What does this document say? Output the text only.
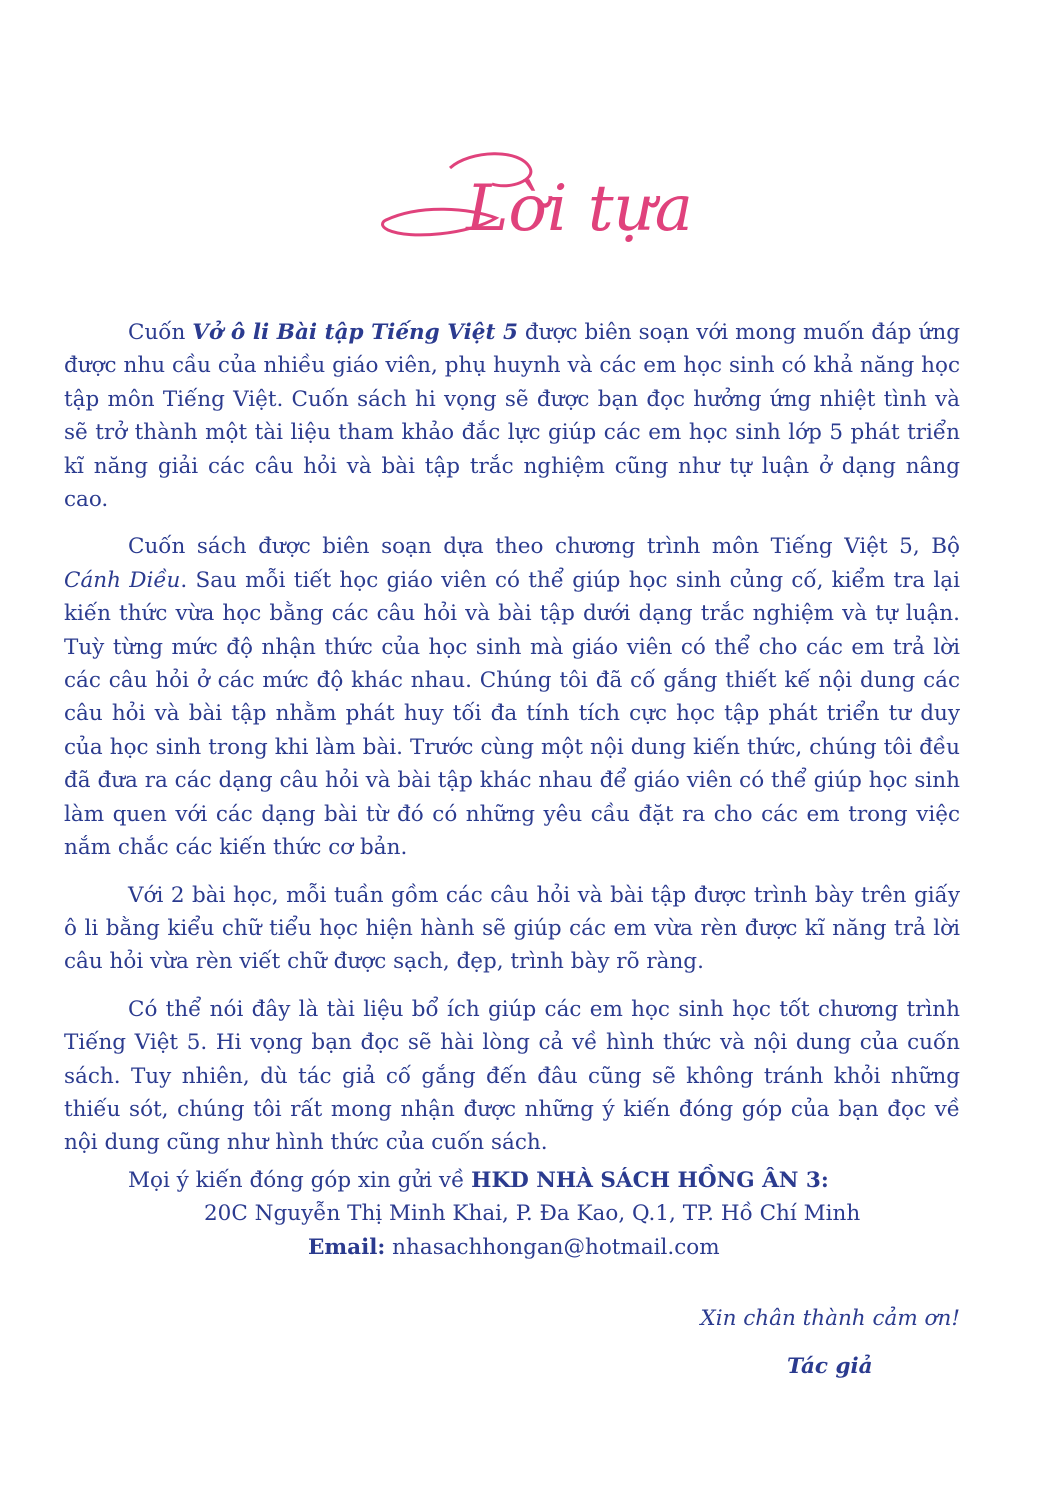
Lời tựa

Cuốn Vở ô li Bài tập Tiếng Việt 5 được biên soạn với mong muốn đáp ứng được nhu cầu của nhiều giáo viên, phụ huynh và các em học sinh có khả năng học tập môn Tiếng Việt. Cuốn sách hi vọng sẽ được bạn đọc hưởng ứng nhiệt tình và sẽ trở thành một tài liệu tham khảo đắc lực giúp các em học sinh lớp 5 phát triển kĩ năng giải các câu hỏi và bài tập trắc nghiệm cũng như tự luận ở dạng nâng cao.

Cuốn sách được biên soạn dựa theo chương trình môn Tiếng Việt 5, Bộ Cánh Diều. Sau mỗi tiết học giáo viên có thể giúp học sinh củng cố, kiểm tra lại kiến thức vừa học bằng các câu hỏi và bài tập dưới dạng trắc nghiệm và tự luận. Tuỳ từng mức độ nhận thức của học sinh mà giáo viên có thể cho các em trả lời các câu hỏi ở các mức độ khác nhau. Chúng tôi đã cố gắng thiết kế nội dung các câu hỏi và bài tập nhằm phát huy tối đa tính tích cực học tập phát triển tư duy của học sinh trong khi làm bài. Trước cùng một nội dung kiến thức, chúng tôi đều đã đưa ra các dạng câu hỏi và bài tập khác nhau để giáo viên có thể giúp học sinh làm quen với các dạng bài từ đó có những yêu cầu đặt ra cho các em trong việc nắm chắc các kiến thức cơ bản.

Với 2 bài học, mỗi tuần gồm các câu hỏi và bài tập được trình bày trên giấy ô li bằng kiểu chữ tiểu học hiện hành sẽ giúp các em vừa rèn được kĩ năng trả lời câu hỏi vừa rèn viết chữ được sạch, đẹp, trình bày rõ ràng.

Có thể nói đây là tài liệu bổ ích giúp các em học sinh học tốt chương trình Tiếng Việt 5. Hi vọng bạn đọc sẽ hài lòng cả về hình thức và nội dung của cuốn sách. Tuy nhiên, dù tác giả cố gắng đến đâu cũng sẽ không tránh khỏi những thiếu sót, chúng tôi rất mong nhận được những ý kiến đóng góp của bạn đọc về nội dung cũng như hình thức của cuốn sách.

Mọi ý kiến đóng góp xin gửi về HKD NHÀ SÁCH HỒNG ÂN 3:

20C Nguyễn Thị Minh Khai, P. Đa Kao, Q.1, TP. Hồ Chí Minh

Email: nhasachhongan@hotmail.com

Xin chân thành cảm ơn!
Tác giả
